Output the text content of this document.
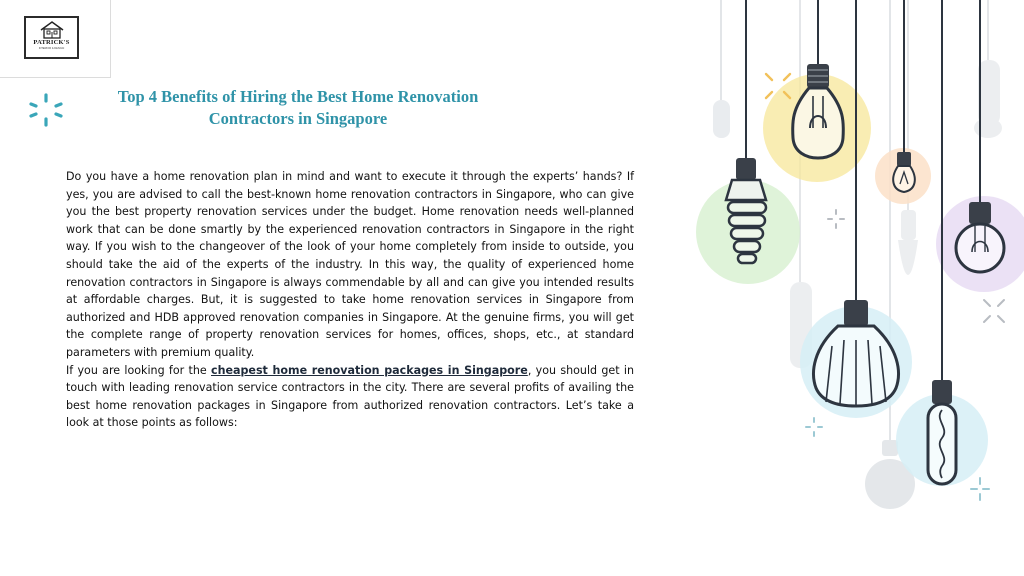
PATRICK'S
INTERIOR & DESIGN
Top 4 Benefits of Hiring the Best Home Renovation Contractors in Singapore

Do you have a home renovation plan in mind and want to execute it through the experts’ hands? If yes, you are advised to call the best-known home renovation contractors in Singapore, who can give you the best property renovation services under the budget. Home renovation needs well-planned work that can be done smartly by the experienced renovation contractors in Singapore in the right way. If you wish to the changeover of the look of your home completely from inside to outside, you should take the aid of the experts of the industry. In this way, the quality of experienced home renovation contractors in Singapore is always commendable by all and can give you intended results at affordable charges. But, it is suggested to take home renovation services in Singapore from authorized and HDB approved renovation companies in Singapore. At the genuine firms, you will get the complete range of property renovation services for homes, offices, shops, etc., at standard parameters with premium quality.

If you are looking for the cheapest home renovation packages in Singapore, you should get in touch with leading renovation service contractors in the city. There are several profits of availing the best home renovation packages in Singapore from authorized renovation contractors. Let’s take a look at those points as follows:
